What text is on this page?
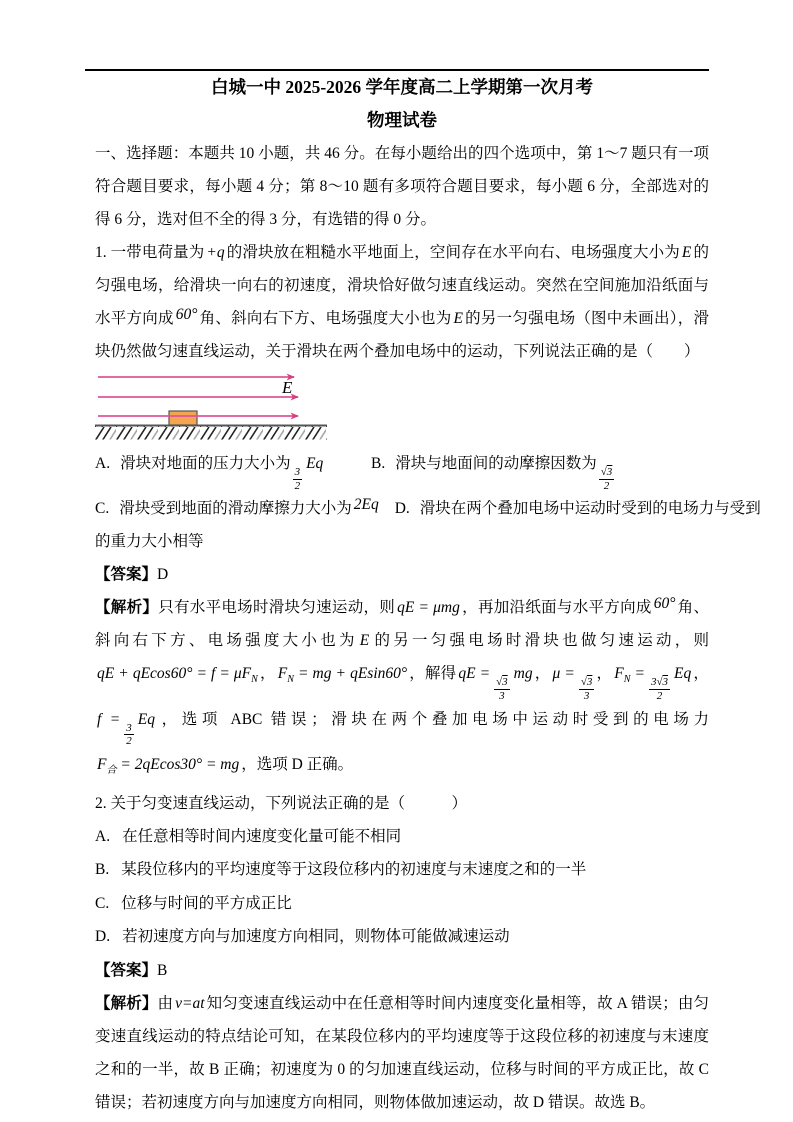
白城一中 2025-2026 学年度高二上学期第一次月考
物理试卷

一、选择题：本题共 10 小题，共 46 分。在每小题给出的四个选项中，第 1～7 题只有一项符合题目要求，每小题 4 分；第 8～10 题有多项符合题目要求，每小题 6 分，全部选对的得 6 分，选对但不全的得 3 分，有选错的得 0 分。

1. 一带电荷量为 +q 的滑块放在粗糙水平地面上，空间存在水平向右、电场强度大小为 E 的匀强电场，给滑块一向右的初速度，滑块恰好做匀速直线运动。突然在空间施加沿纸面与水平方向成 60° 角、斜向右下方、电场强度大小也为 E 的另一匀强电场（图中未画出），滑块仍然做匀速直线运动，关于滑块在两个叠加电场中的运动，下列说法正确的是（　　）

E
A. 滑块对地面的压力大小为
$\frac{3}{2}$
Eq	B. 滑块与地面间的动摩擦因数为
$\frac{√ 3}{2}$
C. 滑块受到地面的滑动摩擦力大小为 2Eq D. 滑块在两个叠加电场中运动时受到的电场力与受到

的重力大小相等

【答案】D

【解析】只有水平电场时滑块匀速运动，则 qE = μmg ，再加沿纸面与水平方向成 60° 角、斜向右下方、电场强度大小也为 E 的另一匀强电场时滑块也做匀速运动，则qE + $qEcos60^\circ = f = \mu F_N$ ， $F_N$ = mg + qEsin60° ，解得 qE =
$\frac{√ 3}{3}$
mg ， μ =
$\frac{√ 3}{3}$
， $F_N$ =
$\frac{3 √ 3}{2}$
Eq ，f =
$\frac{3}{2}$
Eq ，选项 ABC 错误；滑块在两个叠加电场中运动时受到的电场力$F_合 = 2qEcos30^\circ$ = mg ，选项 D 正确。

2. 关于匀变速直线运动，下列说法正确的是（　　　）

A. 在任意相等时间内速度变化量可能不相同

B. 某段位移内的平均速度等于这段位移内的初速度与末速度之和的一半

C. 位移与时间的平方成正比

D. 若初速度方向与加速度方向相同，则物体可能做减速运动

【答案】B

【解析】由 v=at 知匀变速直线运动中在任意相等时间内速度变化量相等，故 A 错误；由匀变速直线运动的特点结论可知，在某段位移内的平均速度等于这段位移的初速度与末速度之和的一半，故 B 正确；初速度为 0 的匀加速直线运动，位移与时间的平方成正比，故 C 错误；若初速度方向与加速度方向相同，则物体做加速运动，故 D 错误。故选 B。
